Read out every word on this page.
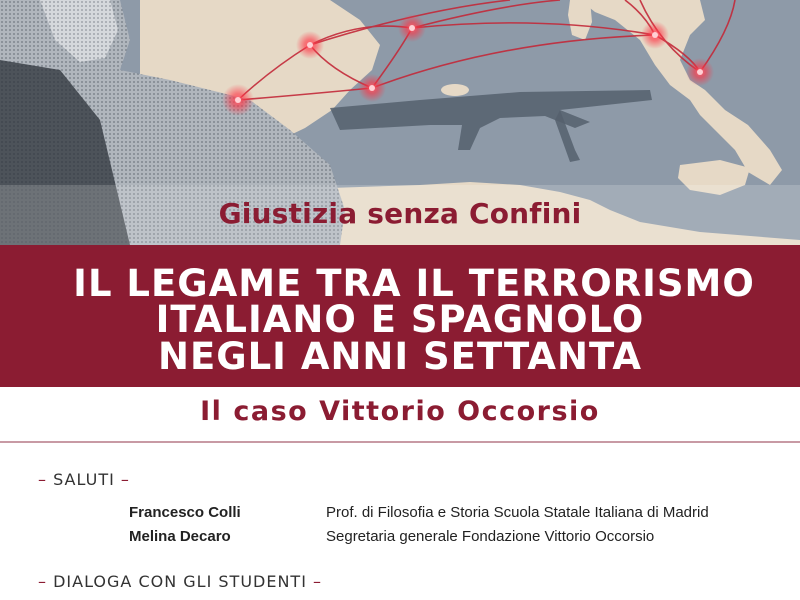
Giustizia senza Confini
IL LEGAME TRA IL TERRORISMO
ITALIANO E SPAGNOLO
NEGLI ANNI SETTANTA
Il caso Vittorio Occorsio
– SALUTI –
Francesco Colli	Prof. di Filosofia e Storia Scuola Statale Italiana di Madrid
Melina Decaro	Segretaria generale Fondazione Vittorio Occorsio
– DIALOGA CON GLI STUDENTI –
